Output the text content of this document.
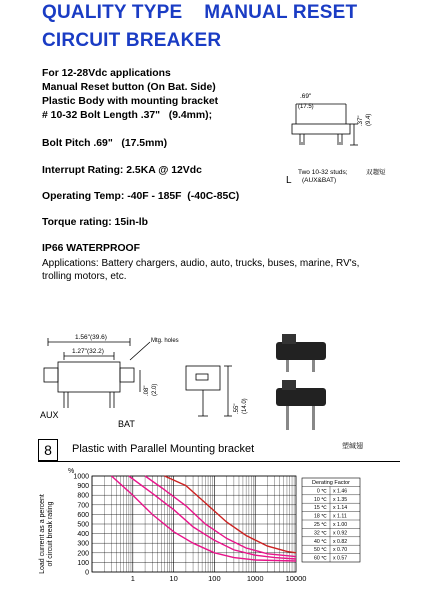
QUALITY TYPE    MANUAL RESET
CIRCUIT BREAKER
For 12-28Vdc applications
Manual Reset button (On Bat. Side)
Plastic Body with mounting bracket
# 10-32 Bolt Length .37"   (9.4mm);
Bolt Pitch .69"   (17.5mm)
Interrupt Rating: 2.5KA @ 12Vdc
Operating Temp: -40F - 185F  (-40C-85C)
Torque rating: 15in-lb
IP66 WATERPROOF
Applications: Battery chargers, audio, auto, trucks, buses, marine, RV's,
trolling motors, etc.
.69"
(17.5)
.37" (9.4)
L
Two 10-32 studs;
(AUX&BAT)
双趨短
1.56"(39.6)
1.27"(32.2)
Mtg. holes
.08" (2.0)
AUX
BAT
.55" (14.0)
塑缄翅
1000
900
800
700
600
500
400
300
200
100
0
%
1	10	100	1000	10000
Load current as a percent of circuit break rating
Derating Factor
0 ℃ x 1.46
10 ℃ x 1.35
15 ℃ x 1.14
18 ℃ x 1.11
25 ℃ x 1.00
32 ℃ x 0.92
40 ℃ x 0.82
50 ℃ x 0.70
60 ℃ x 0.57
8	Plastic with Parallel Mounting bracket
